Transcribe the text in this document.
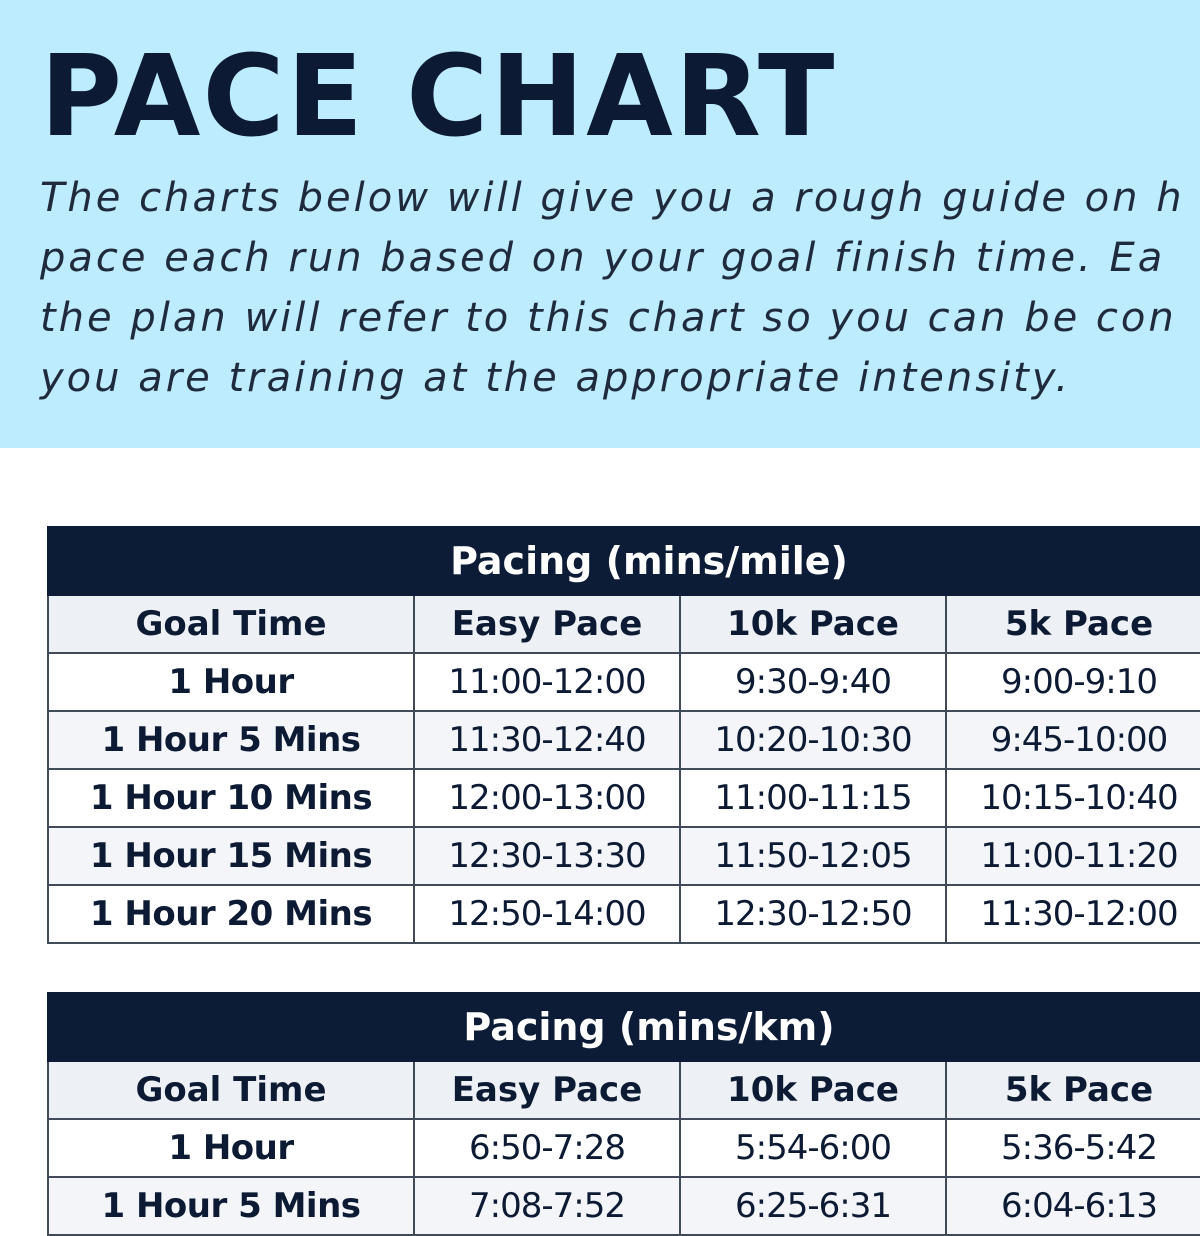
PACE CHART

The charts below will give you a rough guide on h
pace each run based on your goal finish time. Ea
the plan will refer to this chart so you can be con
you are training at the appropriate intensity.

Pacing (mins/mile)				
Goal Time	Easy Pace	10k Pace	5k Pace	
1 Hour	11:00-12:00	9:30-9:40	9:00-9:10	
1 Hour 5 Mins	11:30-12:40	10:20-10:30	9:45-10:00	
1 Hour 10 Mins	12:00-13:00	11:00-11:15	10:15-10:40	
1 Hour 15 Mins	12:30-13:30	11:50-12:05	11:00-11:20	
1 Hour 20 Mins	12:50-14:00	12:30-12:50	11:30-12:00	
Pacing (mins/km)				
Goal Time	Easy Pace	10k Pace	5k Pace	
1 Hour	6:50-7:28	5:54-6:00	5:36-5:42	
1 Hour 5 Mins	7:08-7:52	6:25-6:31	6:04-6:13	
